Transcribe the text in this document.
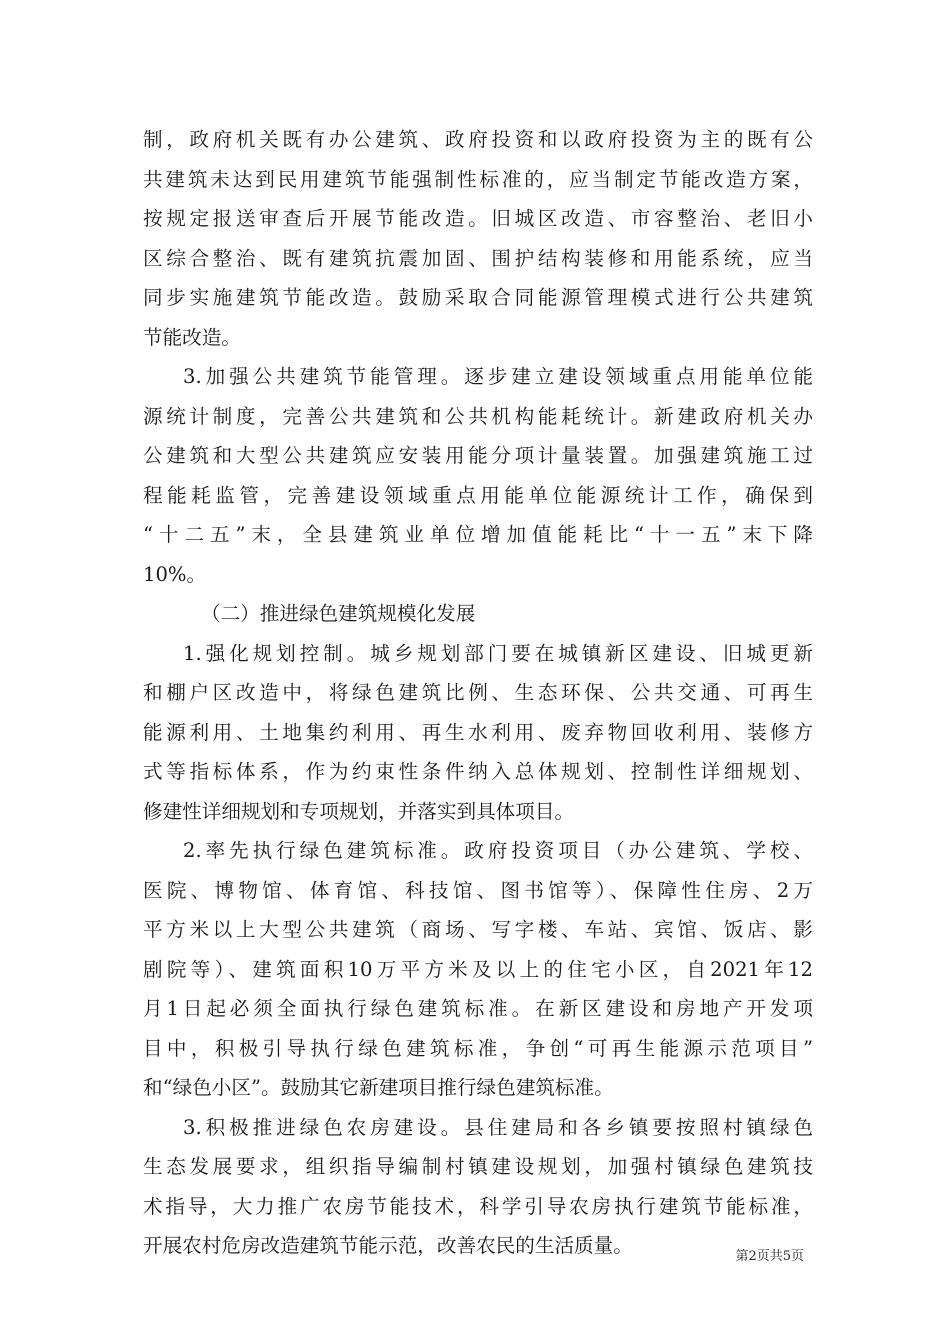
制，政府机关既有办公建筑、政府投资和以政府投资为主的既有公
共建筑未达到民用建筑节能强制性标准的，应当制定节能改造方案，
按规定报送审查后开展节能改造。旧城区改造、市容整治、老旧小
区综合整治、既有建筑抗震加固、围护结构装修和用能系统，应当
同步实施建筑节能改造。鼓励采取合同能源管理模式进行公共建筑
节能改造。
3.加强公共建筑节能管理。逐步建立建设领域重点用能单位能
源统计制度，完善公共建筑和公共机构能耗统计。新建政府机关办
公建筑和大型公共建筑应安装用能分项计量装置。加强建筑施工过
程能耗监管，完善建设领域重点用能单位能源统计工作，确保到
“十二五”末，全县建筑业单位增加值能耗比“十一五”末下降
10%。
（二）推进绿色建筑规模化发展
1.强化规划控制。城乡规划部门要在城镇新区建设、旧城更新
和棚户区改造中，将绿色建筑比例、生态环保、公共交通、可再生
能源利用、土地集约利用、再生水利用、废弃物回收利用、装修方
式等指标体系，作为约束性条件纳入总体规划、控制性详细规划、
修建性详细规划和专项规划，并落实到具体项目。
2.率先执行绿色建筑标准。政府投资项目（办公建筑、学校、
医院、博物馆、体育馆、科技馆、图书馆等）、保障性住房、2万
平方米以上大型公共建筑（商场、写字楼、车站、宾馆、饭店、影
剧院等）、建筑面积10万平方米及以上的住宅小区，自2021年12
月1日起必须全面执行绿色建筑标准。在新区建设和房地产开发项
目中，积极引导执行绿色建筑标准，争创“可再生能源示范项目”
和“绿色小区”。鼓励其它新建项目推行绿色建筑标准。
3.积极推进绿色农房建设。县住建局和各乡镇要按照村镇绿色
生态发展要求，组织指导编制村镇建设规划，加强村镇绿色建筑技
术指导，大力推广农房节能技术，科学引导农房执行建筑节能标准，
开展农村危房改造建筑节能示范，改善农民的生活质量。	第2页共5页
